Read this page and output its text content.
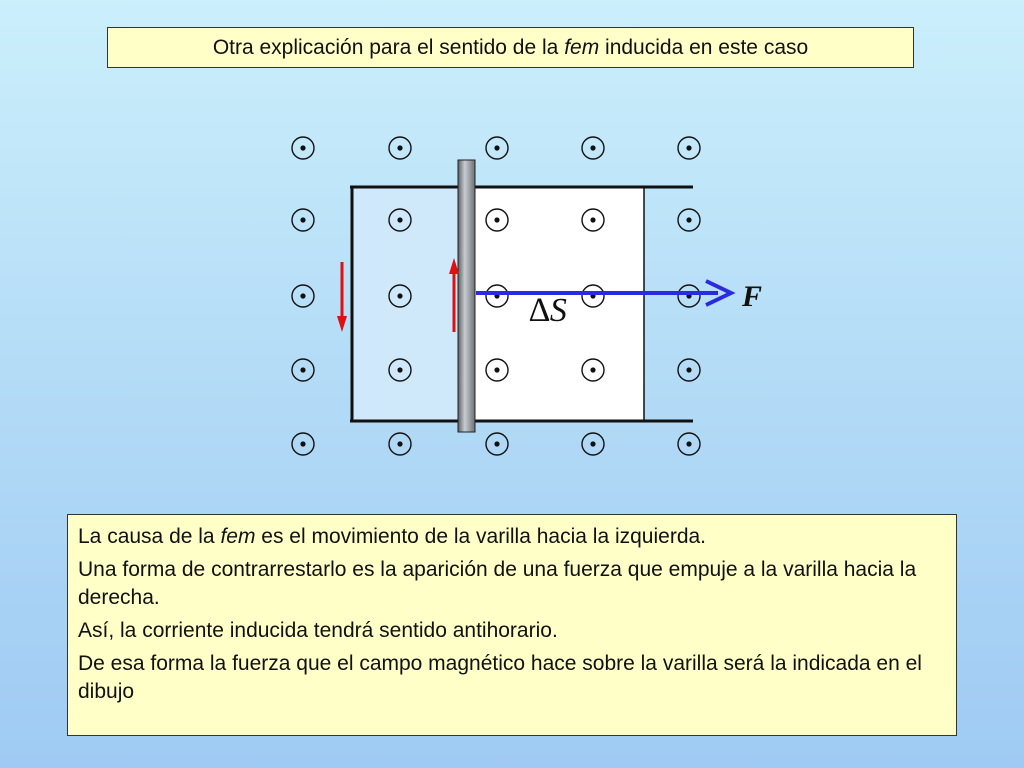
Otra explicación para el sentido de la fem inducida en este caso
∆S	F

La causa de la fem es el movimiento de la varilla hacia la izquierda.

Una forma de contrarrestarlo es la aparición de una fuerza que empuje a la varilla hacia la derecha.

Así, la corriente inducida tendrá sentido antihorario.

De esa forma la fuerza que el campo magnético hace sobre la varilla será la indicada en el dibujo
